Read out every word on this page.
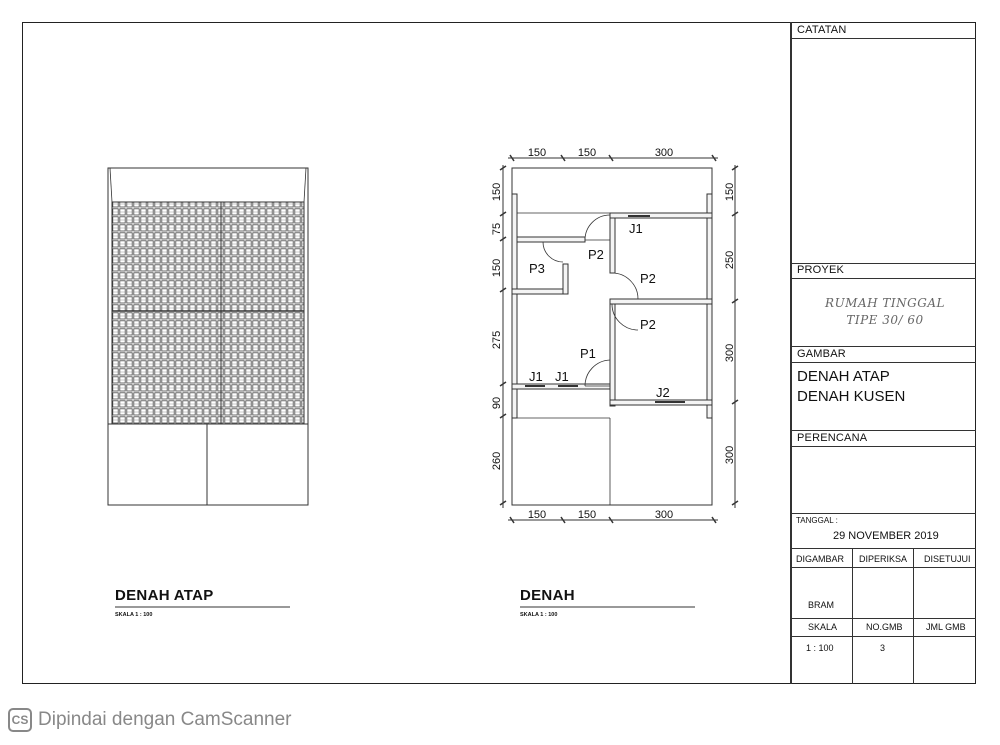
CATATAN
PROYEK
RUMAH TINGGAL
TIPE 30/ 60
GAMBAR
DENAH ATAP
DENAH KUSEN
PERENCANA
TANGGAL :
29 NOVEMBER 2019
DIGAMBAR DIPERIKSA DISETUJUI
BRAM
SKALA	NO.GMB	JML GMB
1 : 100	3
DENAH ATAP
SKALA 1 : 100
DENAH
SKALA 1 : 100
150	150	300
150	150	300
150
75
150
275
90
260
150
250
300
300
J1
P2
P3
P2
P2
P1
J1 J1
J2
CS Dipindai dengan CamScanner
